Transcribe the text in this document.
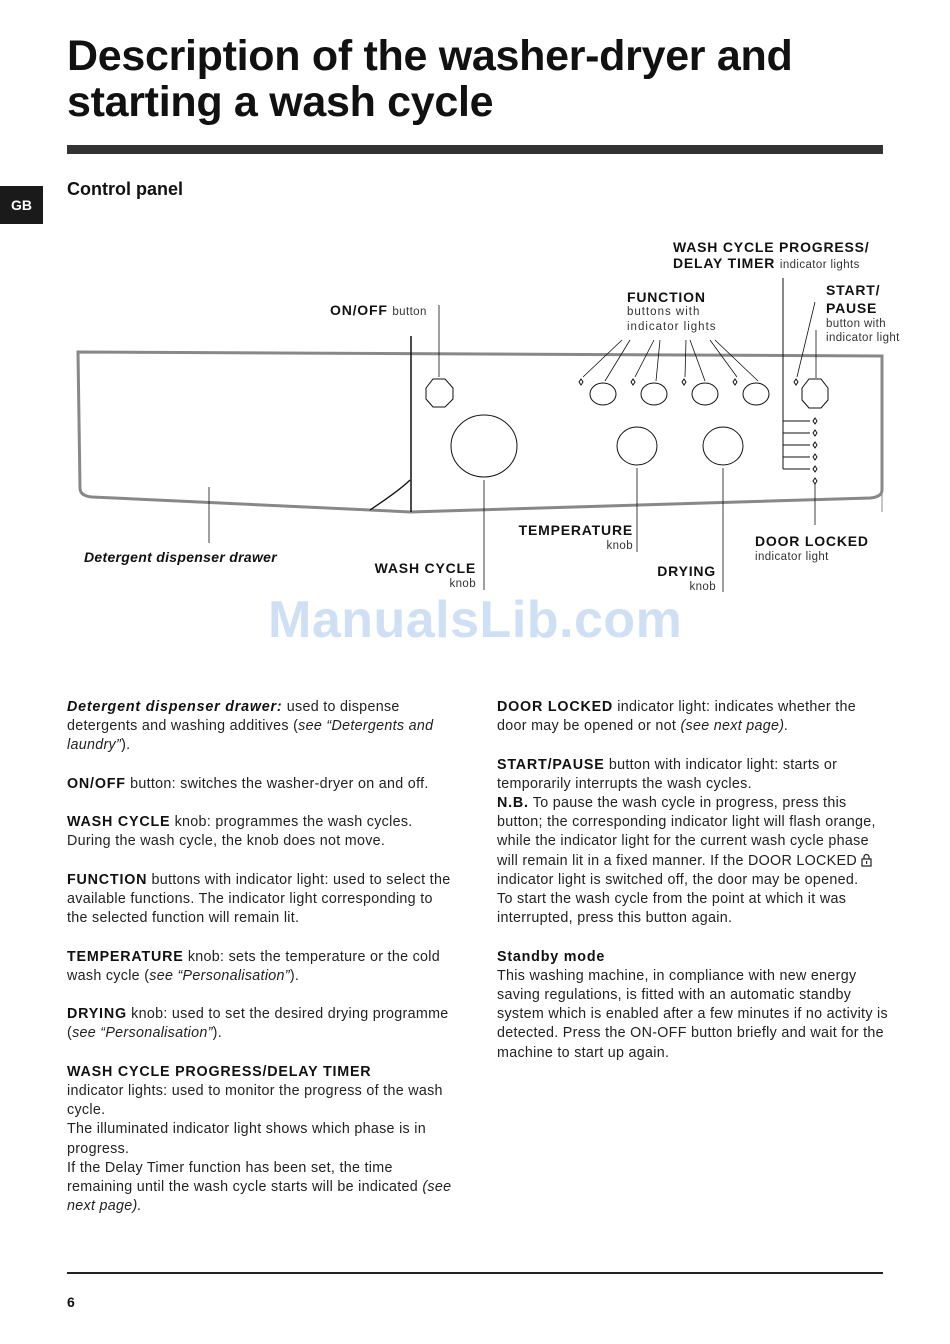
Description of the washer-dryer and starting a wash cycle
GB
Control panel
WASH CYCLE PROGRESS/
DELAY TIMER indicator lights
ON/OFF button
FUNCTION
buttons with
indicator lights
START/
PAUSE
button with
indicator light
TEMPERATURE
knob	DOOR LOCKED
indicator light
Detergent dispenser drawer
WASH CYCLE
knob
DRYING
knob
ManualsLib.com

Detergent dispenser drawer: used to dispense detergents and washing additives (see “Detergents and laundry”).

ON/OFF button: switches the washer-dryer on and off.

WASH CYCLE knob: programmes the wash cycles. During the wash cycle, the knob does not move.

FUNCTION buttons with indicator light: used to select the available functions. The indicator light corresponding to the selected function will remain lit.

TEMPERATURE knob: sets the temperature or the cold wash cycle (see “Personalisation”).

DRYING knob: used to set the desired drying programme (see “Personalisation”).

WASH CYCLE PROGRESS/DELAY TIMER

indicator lights: used to monitor the progress of the wash cycle.

The illuminated indicator light shows which phase is in progress.

If the Delay Timer function has been set, the time remaining until the wash cycle starts will be indicated (see next page).

DOOR LOCKED indicator light: indicates whether the door may be opened or not (see next page).

START/PAUSE button with indicator light: starts or temporarily interrupts the wash cycles.

N.B. To pause the wash cycle in progress, press this button; the corresponding indicator light will flash orange, while the indicator light for the current wash cycle phase will remain lit in a fixed manner. If the DOOR LOCKED  indicator light is switched off, the door may be opened.

To start the wash cycle from the point at which it was interrupted, press this button again.

Standby mode

This washing machine, in compliance with new energy saving regulations, is fitted with an automatic standby system which is enabled after a few minutes if no activity is detected. Press the ON-OFF button briefly and wait for the machine to start up again.

6
